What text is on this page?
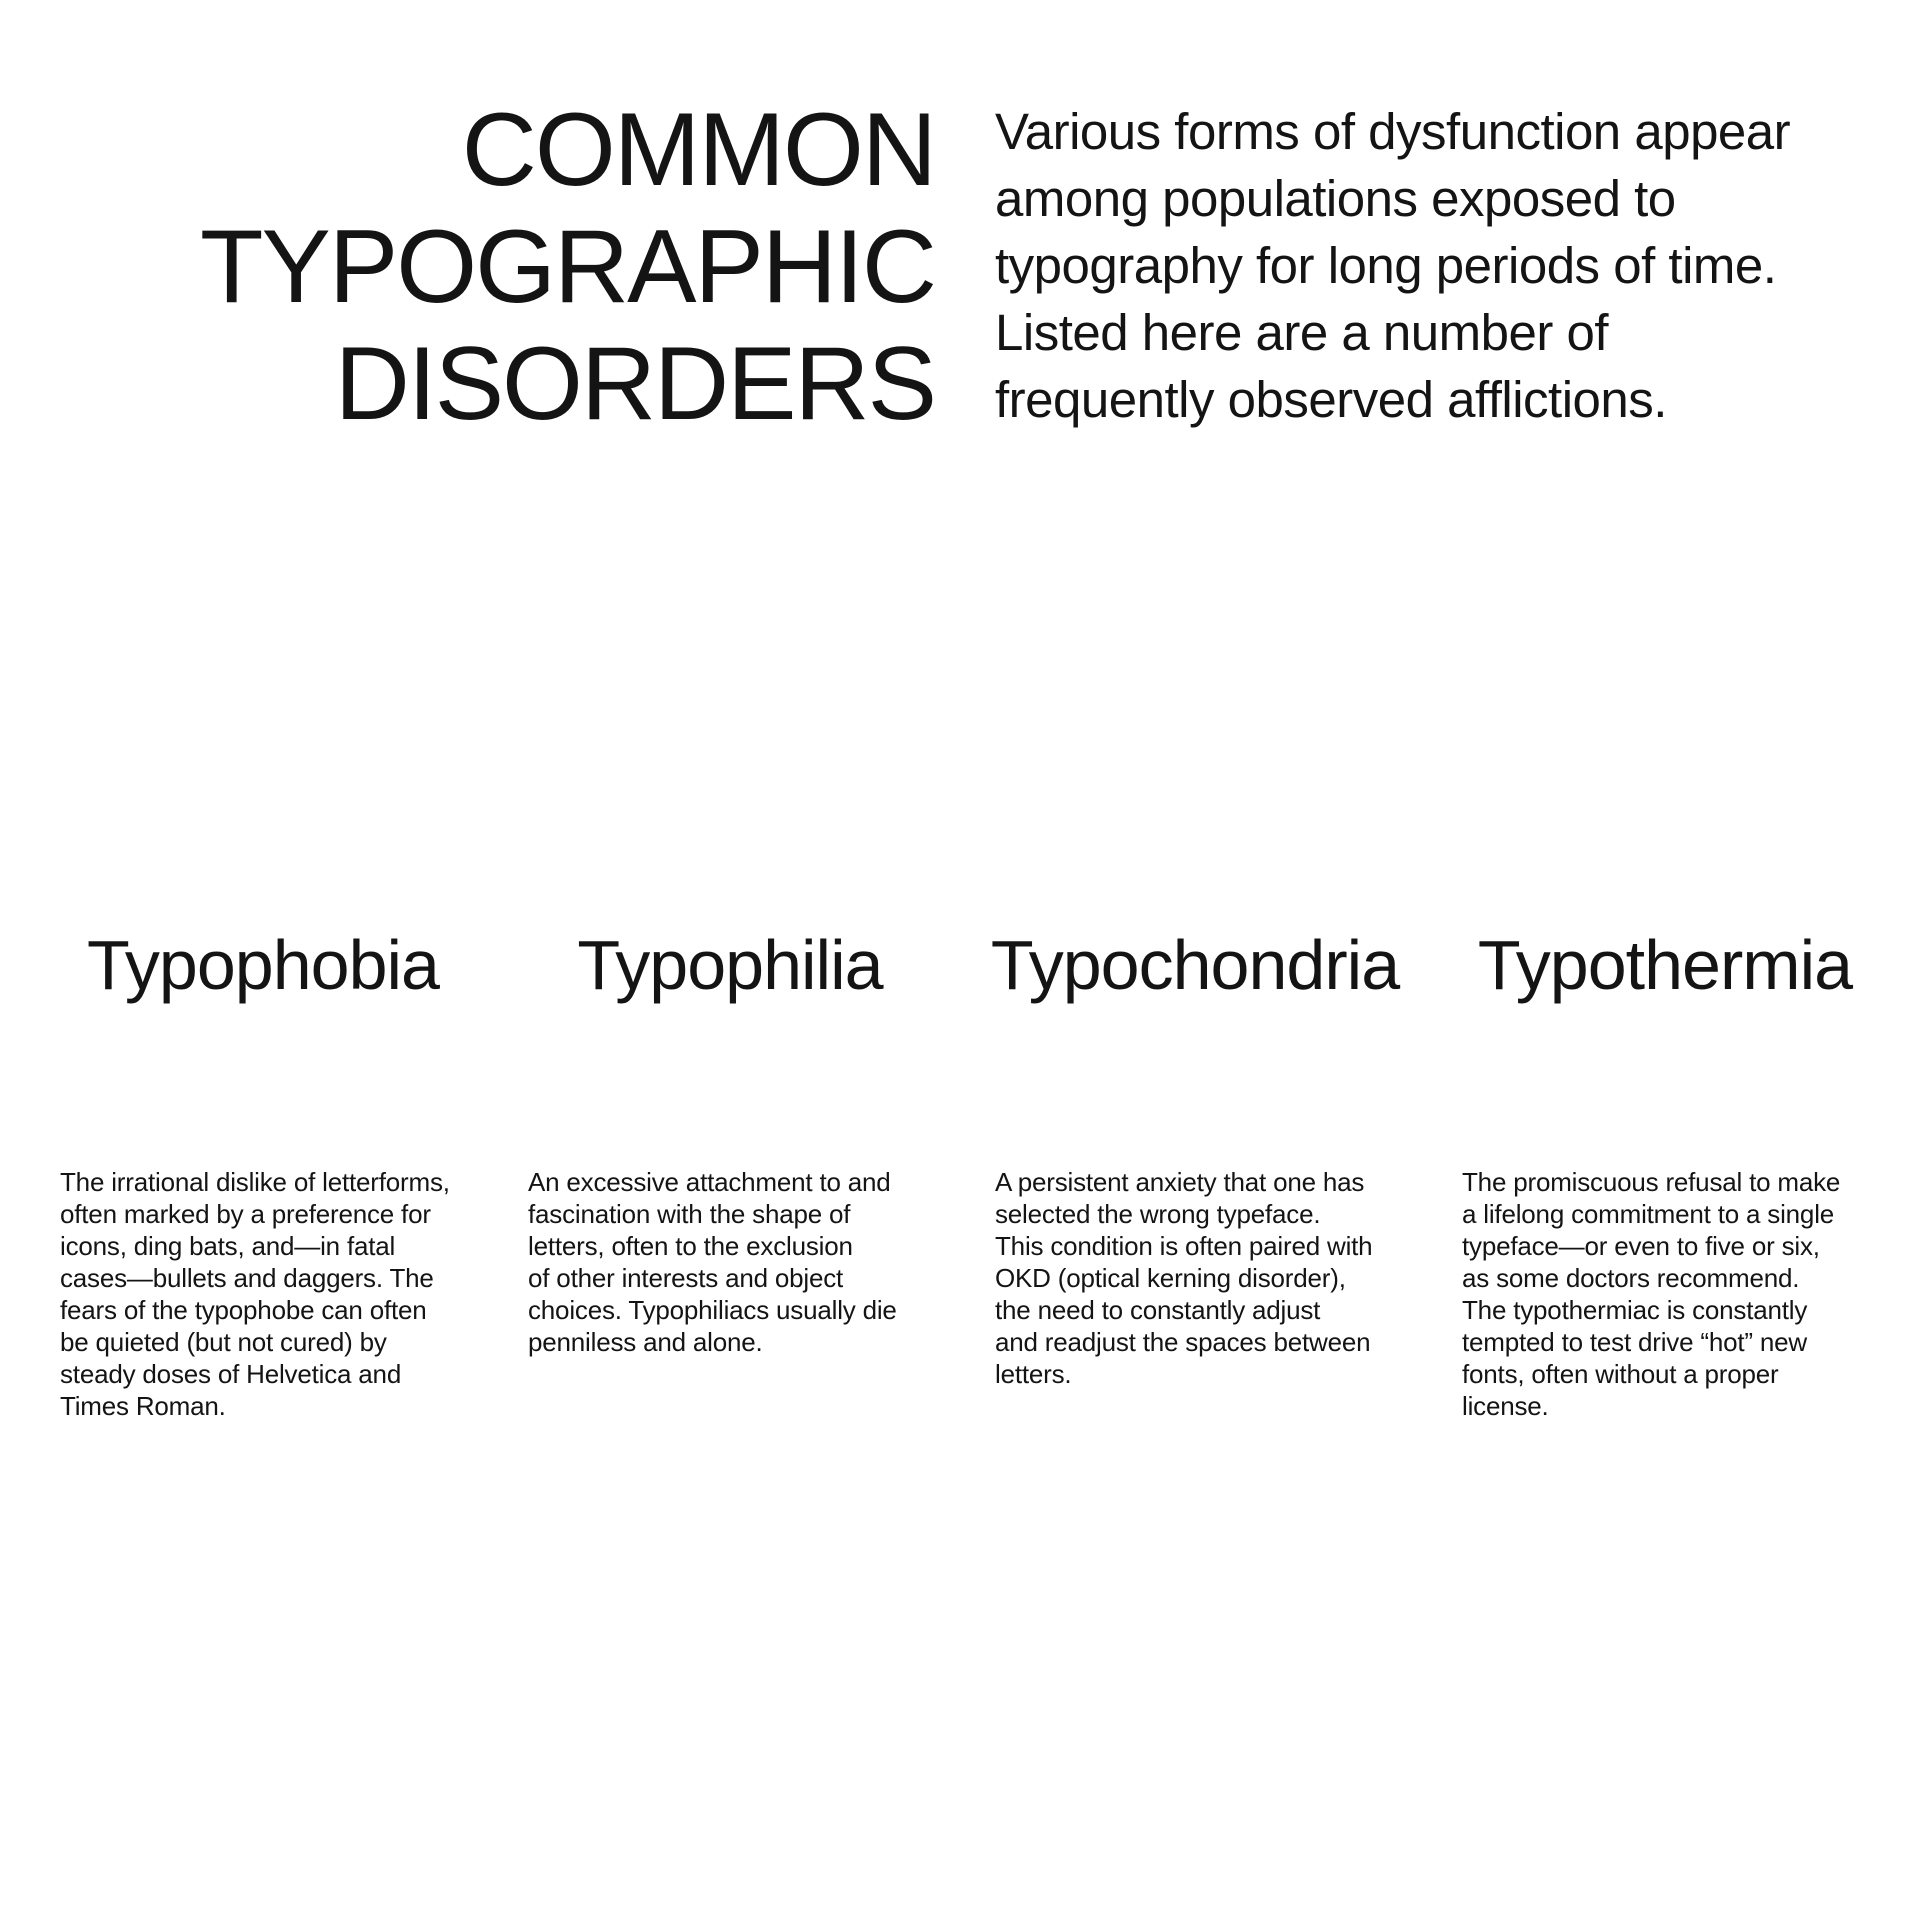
COMMON
TYPOGRAPHIC
DISORDERS

Various forms of dysfunction appear
among populations exposed to
typography for long periods of time.
Listed here are a number of
frequently observed afflictions.

Typophobia

The irrational dislike of letterforms,
often marked by a preference for
icons, ding bats, and—in fatal
cases—bullets and daggers. The
fears of the typophobe can often
be quieted (but not cured) by
steady doses of Helvetica and
Times Roman.

Typophilia

An excessive attachment to and
fascination with the shape of
letters, often to the exclusion
of other interests and object
choices. Typophiliacs usually die
penniless and alone.

Typochondria

A persistent anxiety that one has
selected the wrong typeface.
This condition is often paired with
OKD (optical kerning disorder),
the need to constantly adjust
and readjust the spaces between
letters.

Typothermia

The promiscuous refusal to make
a lifelong commitment to a single
typeface—or even to five or six,
as some doctors recommend.
The typothermiac is constantly
tempted to test drive “hot” new
fonts, often without a proper
license.
